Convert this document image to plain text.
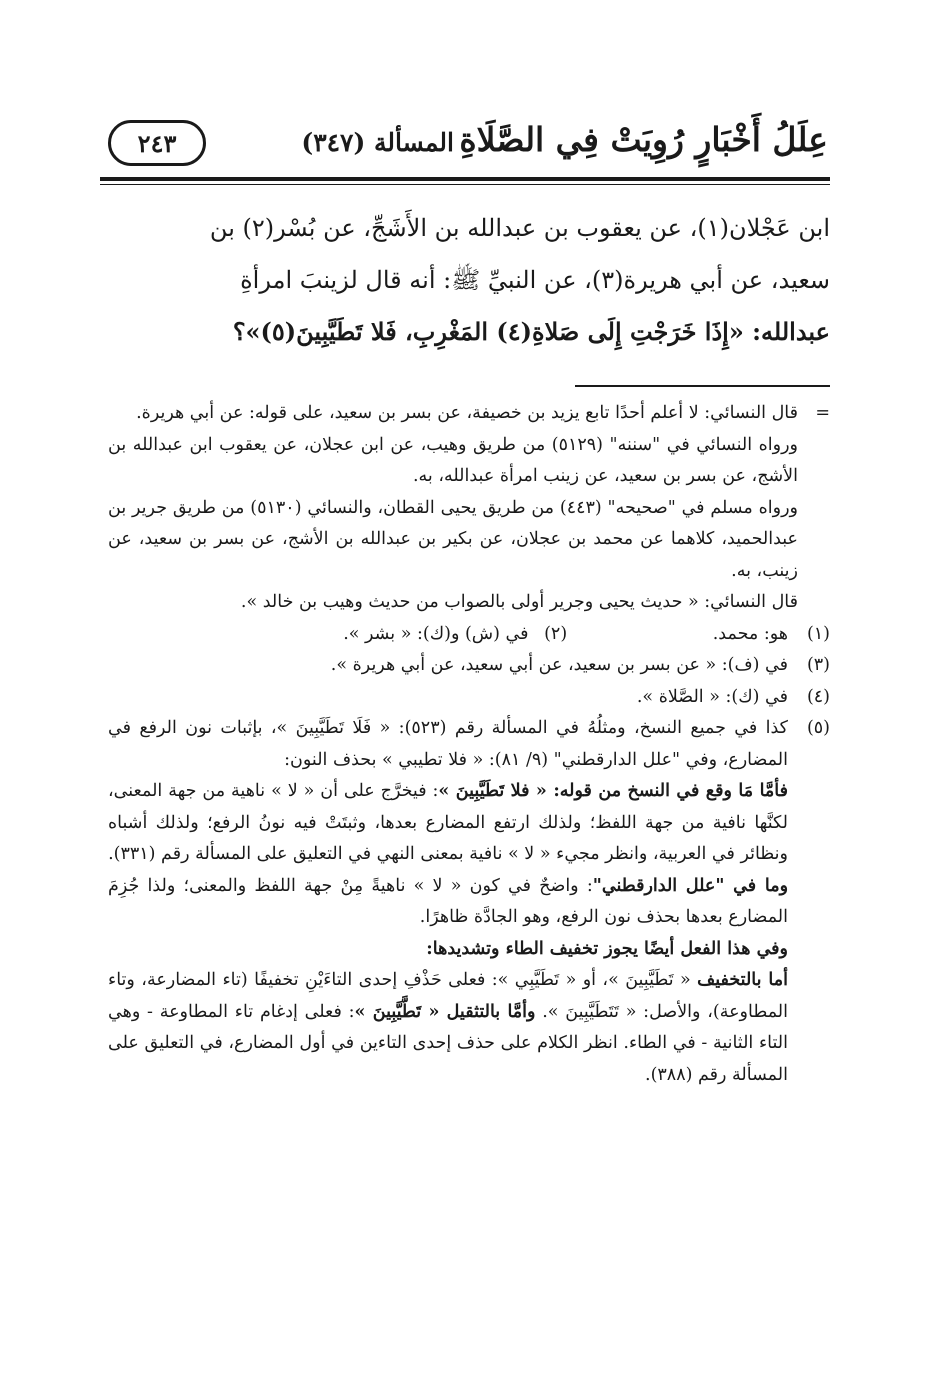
عِلَلُ أَخْبَارٍ رُوِيَتْ فِي الصَّلَاةِ
المسألة (٣٤٧)
٢٤٣

ابن عَجْلان(١)، عن يعقوب بن عبدالله بن الأَشَجِّ، عن بُسْر(٢) بن

سعيد، عن أبي هريرة(٣)، عن النبيِّ ﷺ: أنه قال لزينبَ امرأةِ

عبدالله: «إِذَا خَرَجْتِ إِلَى صَلاةِ(٤) المَغْرِبِ، فَلا تَطَيَّبِينَ(٥)»؟

=

قال النسائي: لا أعلم أحدًا تابع يزيد بن خصيفة، عن بسر بن سعيد، على قوله: عن أبي هريرة.

ورواه النسائي في "سننه" (٥١٢٩) من طريق وهيب، عن ابن عجلان، عن يعقوب ابن عبدالله بن الأشج، عن بسر بن سعيد، عن زينب امرأة عبدالله، به.

ورواه مسلم في "صحيحه" (٤٤٣) من طريق يحيى القطان، والنسائي (٥١٣٠) من طريق جرير بن عبدالحميد، كلاهما عن محمد بن عجلان، عن بكير بن عبدالله بن الأشج، عن بسر بن سعيد، عن زينب، به.

قال النسائي: « حديث يحيى وجرير أولى بالصواب من حديث وهيب بن خالد ».

(١)
هو: محمد. (٢) في (ش) و(ك): « بشر ».
(٣)
في (ف): « عن بسر بن سعيد، عن أبي سعيد، عن أبي هريرة ».
(٤)
في (ك): « الصَّلاة ».
(٥)

كذا في جميع النسخ، ومثلُهُ في المسألة رقم (٥٢٣): « فَلَا تَطَيَّبِينَ »، بإثبات نون الرفع في المضارع، وفي "علل الدارقطني" (٩/ ٨١): « فلا تطيبي » بحذف النون:

فأمَّا مَا وقع في النسخ من قوله: « فلا تَطَيَّبِينَ »: فيخرَّج على أن « لا » ناهية من جهة المعنى، لكنَّها نافية من جهة اللفظ؛ ولذلك ارتفع المضارع بعدها، وثبتَتْ فيه نونُ الرفع؛ ولذلك أشباه ونظائر في العربية، وانظر مجيء « لا » نافية بمعنى النهي في التعليق على المسألة رقم (٣٣١).

وما في "علل الدارقطني": واضحٌ في كون « لا » ناهيةً مِنْ جهة اللفظ والمعنى؛ ولذا جُزِمَ المضارع بعدها بحذف نون الرفع، وهو الجادَّة ظاهرًا.

وفي هذا الفعل أيضًا يجوز تخفيف الطاء وتشديدها:

أما بالتخفيف « تَطَيَّبِينَ »، أو « تَطَيَّبِي »: فعلى حَذْفِ إحدى التاءَيْنِ تخفيفًا (تاء المضارعة، وتاء المطاوعة)، والأصل: « تَتَطَيَّبِينَ ». وأمَّا بالتثقيل « تَطَّيَّبِينَ »: فعلى إدغام تاء المطاوعة - وهي التاء الثانية - في الطاء. انظر الكلام على حذف إحدى التاءين في أول المضارع، في التعليق على المسألة رقم (٣٨٨).
